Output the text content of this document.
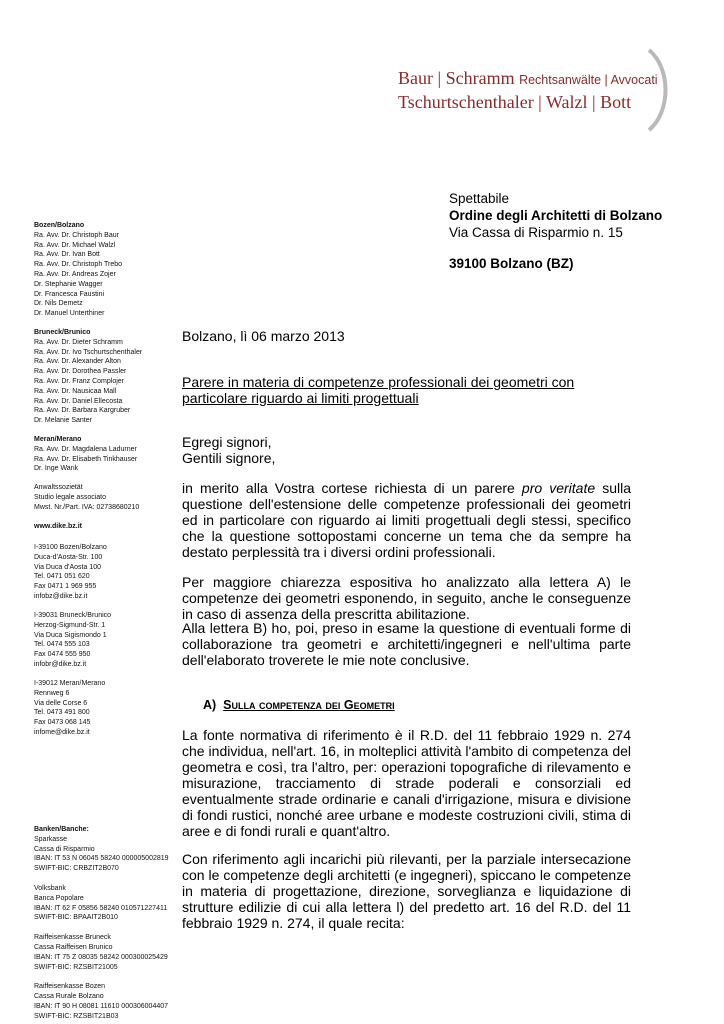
Baur | Schramm Rechtsanwälte | Avvocati
Tschurtschenthaler | Walzl | Bott
Bozen/Bolzano
Ra. Avv. Dr. Christoph Baur
Ra. Avv. Dr. Michael Walzl
Ra. Avv. Dr. Ivan Bott
Ra. Avv. Dr. Christoph Trebo
Ra. Avv. Dr. Andreas Zojer
Dr. Stephanie Wagger
Dr. Francesca Faustini
Dr. Nils Demetz
Dr. Manuel Unterthiner
Bruneck/Brunico
Ra. Avv. Dr. Dieter Schramm
Ra. Avv. Dr. Ivo Tschurtschenthaler
Ra. Avv. Dr. Alexander Alton
Ra. Avv. Dr. Dorothea Passler
Ra. Avv. Dr. Franz Complojer
Ra. Avv. Dr. Nausicaa Mall
Ra. Avv. Dr. Daniel Ellecosta
Ra. Avv. Dr. Barbara Kargruber
Dr. Melanie Santer
Meran/Merano
Ra. Avv. Dr. Magdalena Ladurner
Ra. Avv. Dr. Elisabeth Tinkhauser
Dr. Inge Wank
Anwaltssozietät
Studio legale associato
Mwst. Nr./Part. IVA: 02738680210
www.dike.bz.it
I-39100 Bozen/Bolzano
Duca-d'Aosta-Str. 100
Via Duca d'Aosta 100
Tel. 0471 051 620
Fax 0471 1 969 955
infobz@dike.bz.it
I-39031 Bruneck/Brunico
Herzog-Sigmund-Str. 1
Via Duca Sigismondo 1
Tel. 0474 555 103
Fax 0474 555 950
infobr@dike.bz.it
I-39012 Meran/Merano
Rennweg 6
Via delle Corse 6
Tel. 0473 491 800
Fax 0473 068 145
infome@dike.bz.it
Banken/Banche:
Sparkasse
Cassa di Risparmio
IBAN: IT 53 N 06045 58240 000005002819
SWIFT-BIC: CRBZIT2B070
Volksbank
Banca Popolare
IBAN: IT 62 F 05856 58240 010571227411
SWIFT-BIC: BPAAIT2B010
Raiffeisenkasse Bruneck
Cassa Raiffeisen Brunico
IBAN: IT 75 Z 08035 58242 000300025429
SWIFT-BIC: RZSBIT21005
Raiffeisenkasse Bozen
Cassa Rurale Bolzano
IBAN: IT 90 H 08081 11610 000306004407
SWIFT-BIC: RZSBIT21B03
Spettabile
Ordine degli Architetti di Bolzano
Via Cassa di Risparmio n. 15
39100 Bolzano (BZ)
Bolzano, lì 06 marzo 2013
Parere in materia di competenze professionali dei geometri con particolare riguardo ai limiti progettuali
Egregi signori,
Gentili signore,
in merito alla Vostra cortese richiesta di un parere pro veritate sulla questione dell'estensione delle competenze professionali dei geometri ed in particolare con riguardo ai limiti progettuali degli stessi, specifico che la questione sottopostami concerne un tema che da sempre ha destato perplessità tra i diversi ordini professionali.
Per maggiore chiarezza espositiva ho analizzato alla lettera A) le competenze dei geometri esponendo, in seguito, anche le conseguenze in caso di assenza della prescritta abilitazione.
Alla lettera B) ho, poi, preso in esame la questione di eventuali forme di collaborazione tra geometri e architetti/ingegneri e nell'ultima parte dell'elaborato troverete le mie note conclusive.
A) Sulla competenza dei Geometri
La fonte normativa di riferimento è il R.D. del 11 febbraio 1929 n. 274 che individua, nell'art. 16, in molteplici attività l'ambito di competenza del geometra e così, tra l'altro, per: operazioni topografiche di rilevamento e misurazione, tracciamento di strade poderali e consorziali ed eventualmente strade ordinarie e canali d'irrigazione, misura e divisione di fondi rustici, nonché aree urbane e modeste costruzioni civili, stima di aree e di fondi rurali e quant'altro.
Con riferimento agli incarichi più rilevanti, per la parziale intersecazione con le competenze degli architetti (e ingegneri), spiccano le competenze in materia di progettazione, direzione, sorveglianza e liquidazione di strutture edilizie di cui alla lettera l) del predetto art. 16 del R.D. del 11 febbraio 1929 n. 274, il quale recita:
